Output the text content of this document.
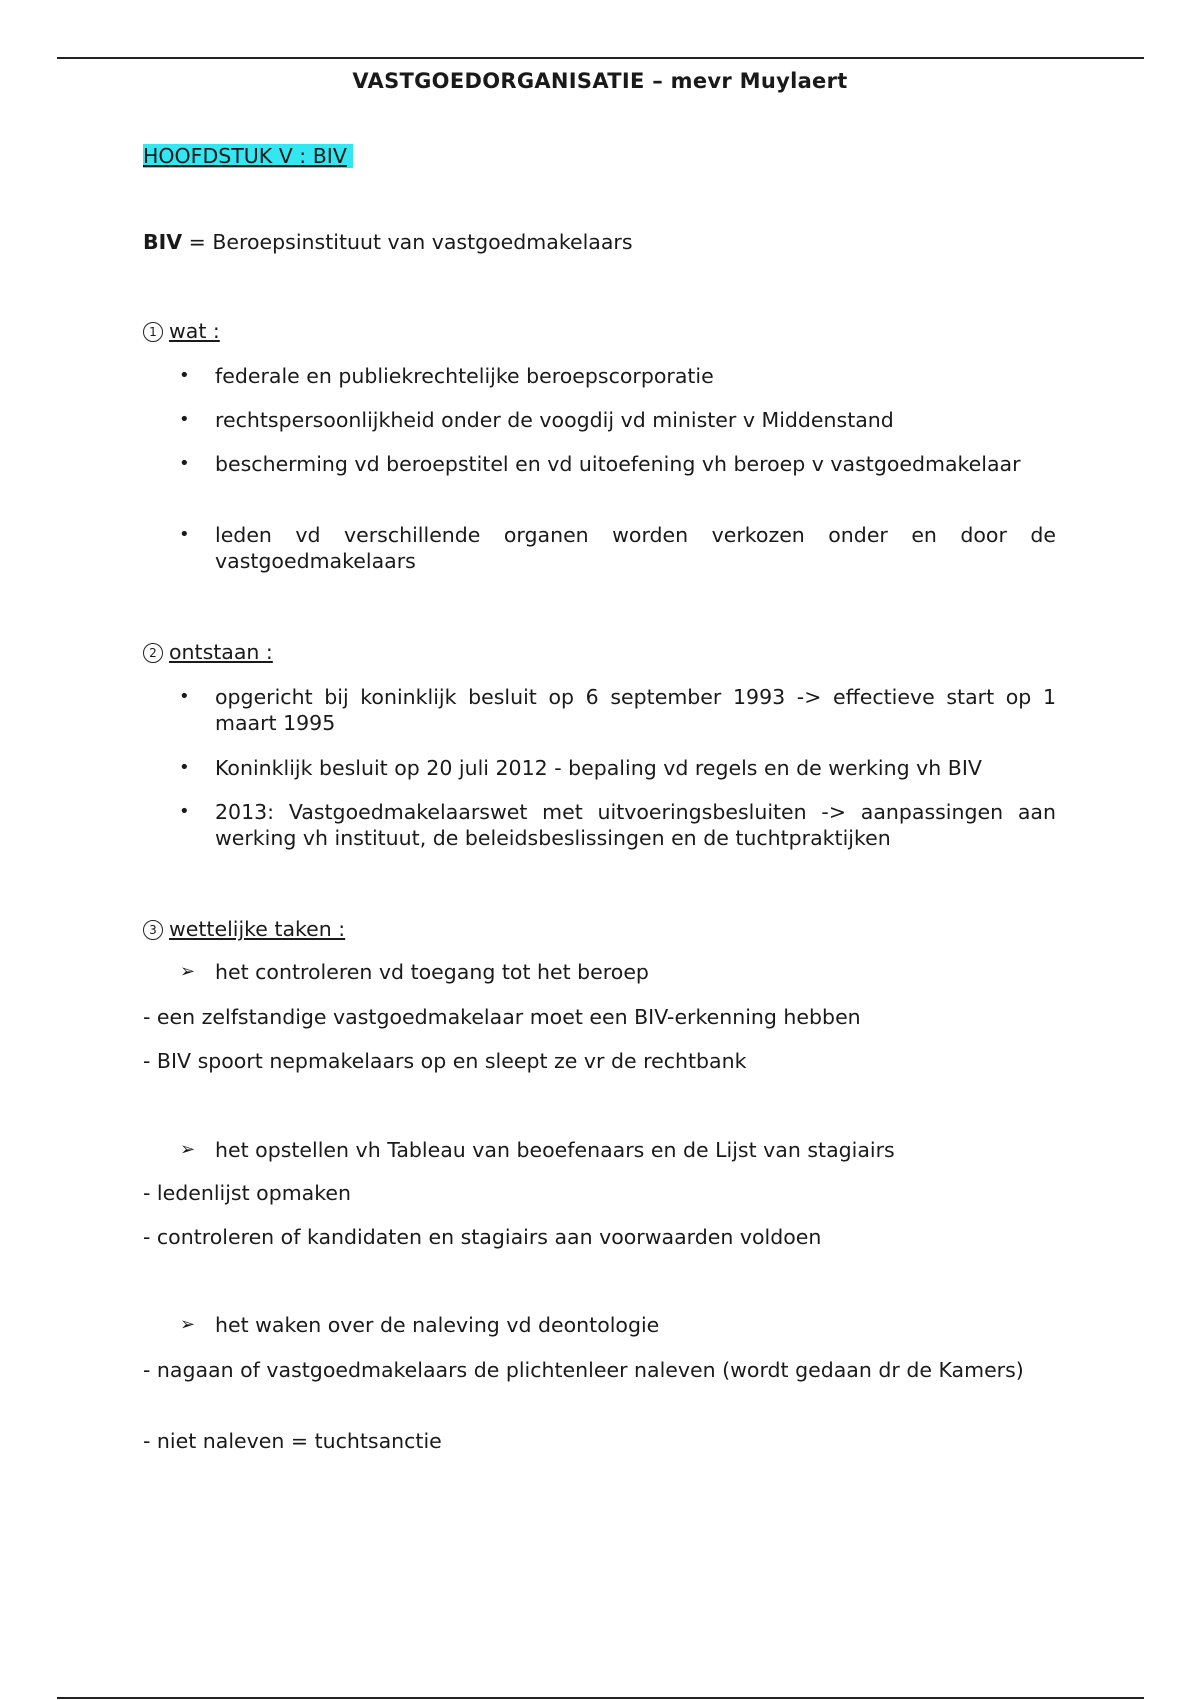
VASTGOEDORGANISATIE – mevr Muylaert
HOOFDSTUK V : BIV
BIV = Beroepsinstituut van vastgoedmakelaars
1 wat :
• federale en publiekrechtelijke beroepscorporatie
• rechtspersoonlijkheid onder de voogdij vd minister v Middenstand
• bescherming vd beroepstitel en vd uitoefening vh beroep v vastgoedmakelaar
• leden vd verschillende organen worden verkozen onder en door de vastgoedmakelaars
2 ontstaan :
• opgericht bij koninklijk besluit op 6 september 1993 -> effectieve start op 1 maart 1995
• Koninklijk besluit op 20 juli 2012 - bepaling vd regels en de werking vh BIV
• 2013: Vastgoedmakelaarswet met uitvoeringsbesluiten -> aanpassingen aan werking vh instituut, de beleidsbeslissingen en de tuchtpraktijken
3 wettelijke taken :
➢ het controleren vd toegang tot het beroep
- een zelfstandige vastgoedmakelaar moet een BIV-erkenning hebben
- BIV spoort nepmakelaars op en sleept ze vr de rechtbank
➢ het opstellen vh Tableau van beoefenaars en de Lijst van stagiairs
- ledenlijst opmaken
- controleren of kandidaten en stagiairs aan voorwaarden voldoen
➢ het waken over de naleving vd deontologie
- nagaan of vastgoedmakelaars de plichtenleer naleven (wordt gedaan dr de Kamers)
- niet naleven = tuchtsanctie
